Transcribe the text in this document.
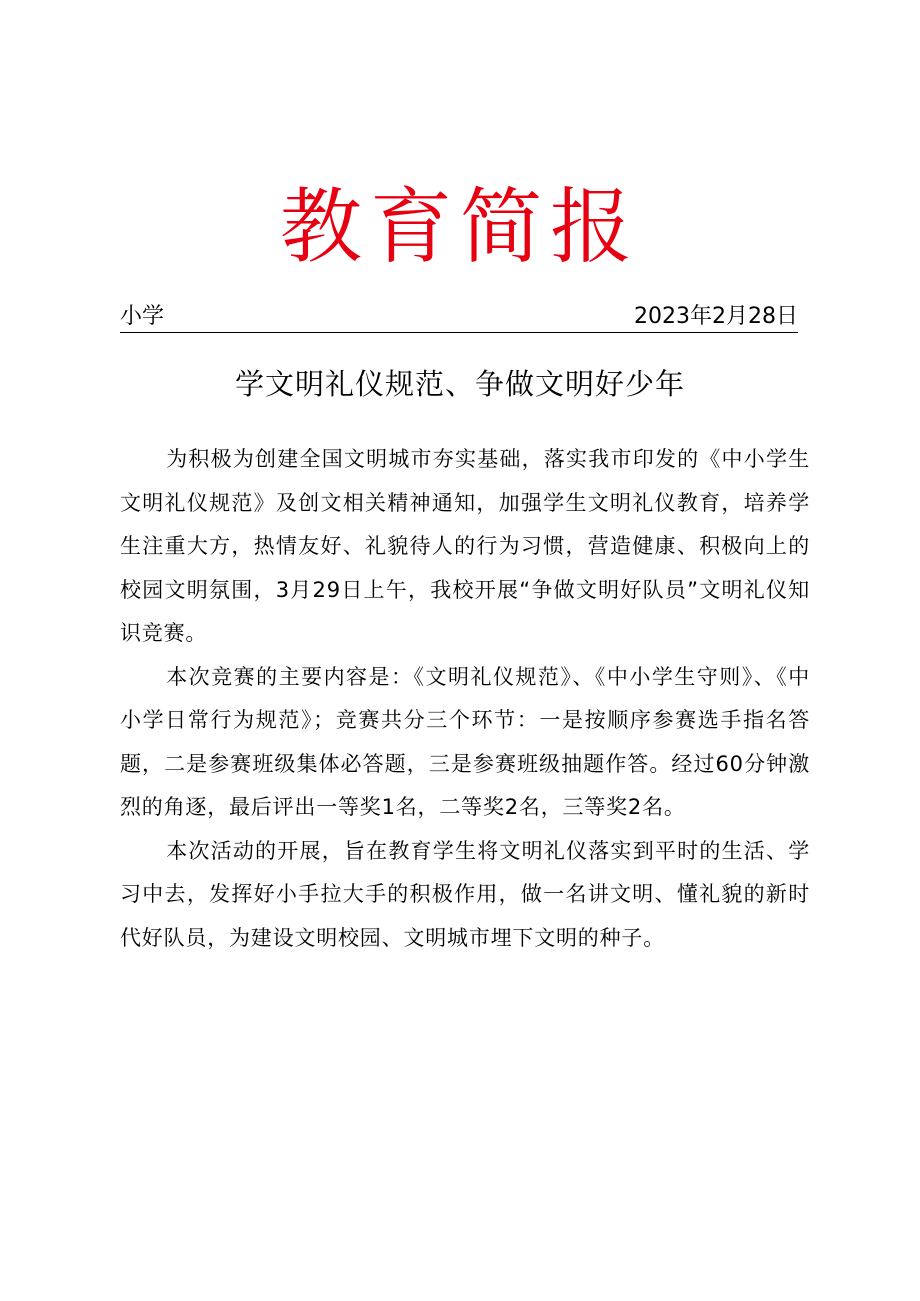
教育简报
小学	2023年2月28日
学文明礼仪规范、争做文明好少年

为积极为创建全国文明城市夯实基础，落实我市印发的《中小学生文明礼仪规范》及创文相关精神通知，加强学生文明礼仪教育，培养学生注重大方，热情友好、礼貌待人的行为习惯，营造健康、积极向上的校园文明氛围，3月29日上午，我校开展“争做文明好队员”文明礼仪知识竞赛。

本次竞赛的主要内容是：《文明礼仪规范》、《中小学生守则》、《中小学日常行为规范》；竞赛共分三个环节：一是按顺序参赛选手指名答题，二是参赛班级集体必答题，三是参赛班级抽题作答。经过60分钟激烈的角逐，最后评出一等奖1名，二等奖2名，三等奖2名。

本次活动的开展，旨在教育学生将文明礼仪落实到平时的生活、学习中去，发挥好小手拉大手的积极作用，做一名讲文明、懂礼貌的新时代好队员，为建设文明校园、文明城市埋下文明的种子。
